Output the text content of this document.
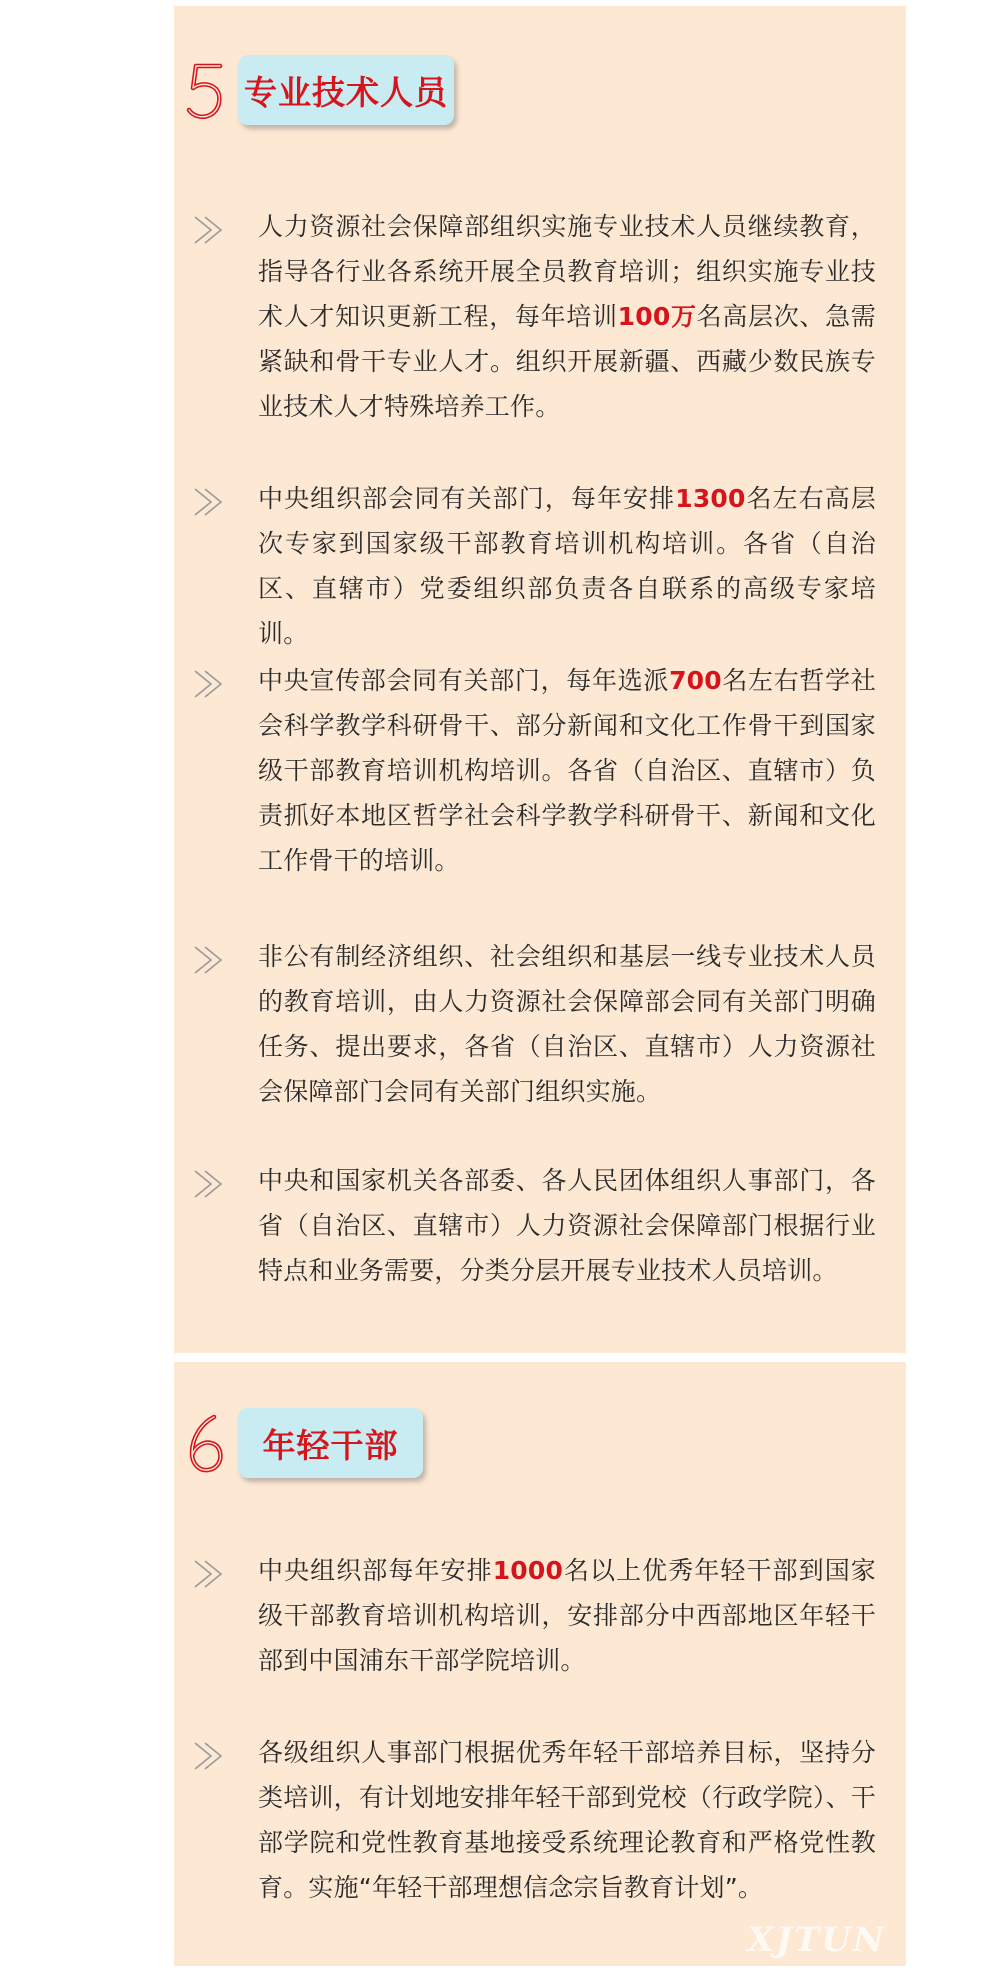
专业技术人员

人力资源社会保障部组织实施专业技术人员继续教育，指导各行业各系统开展全员教育培训；组织实施专业技术人才知识更新工程，每年培训100万名高层次、急需紧缺和骨干专业人才。组织开展新疆、西藏少数民族专业技术人才特殊培养工作。

中央组织部会同有关部门，每年安排1300名左右高层次专家到国家级干部教育培训机构培训。各省（自治区、直辖市）党委组织部负责各自联系的高级专家培训。

中央宣传部会同有关部门，每年选派700名左右哲学社会科学教学科研骨干、部分新闻和文化工作骨干到国家级干部教育培训机构培训。各省（自治区、直辖市）负责抓好本地区哲学社会科学教学科研骨干、新闻和文化工作骨干的培训。

非公有制经济组织、社会组织和基层一线专业技术人员的教育培训，由人力资源社会保障部会同有关部门明确任务、提出要求，各省（自治区、直辖市）人力资源社会保障部门会同有关部门组织实施。

中央和国家机关各部委、各人民团体组织人事部门，各省（自治区、直辖市）人力资源社会保障部门根据行业特点和业务需要，分类分层开展专业技术人员培训。

年轻干部

中央组织部每年安排1000名以上优秀年轻干部到国家级干部教育培训机构培训，安排部分中西部地区年轻干部到中国浦东干部学院培训。

各级组织人事部门根据优秀年轻干部培养目标，坚持分类培训，有计划地安排年轻干部到党校（行政学院）、干部学院和党性教育基地接受系统理论教育和严格党性教育。实施“年轻干部理想信念宗旨教育计划”。

XJTUN
